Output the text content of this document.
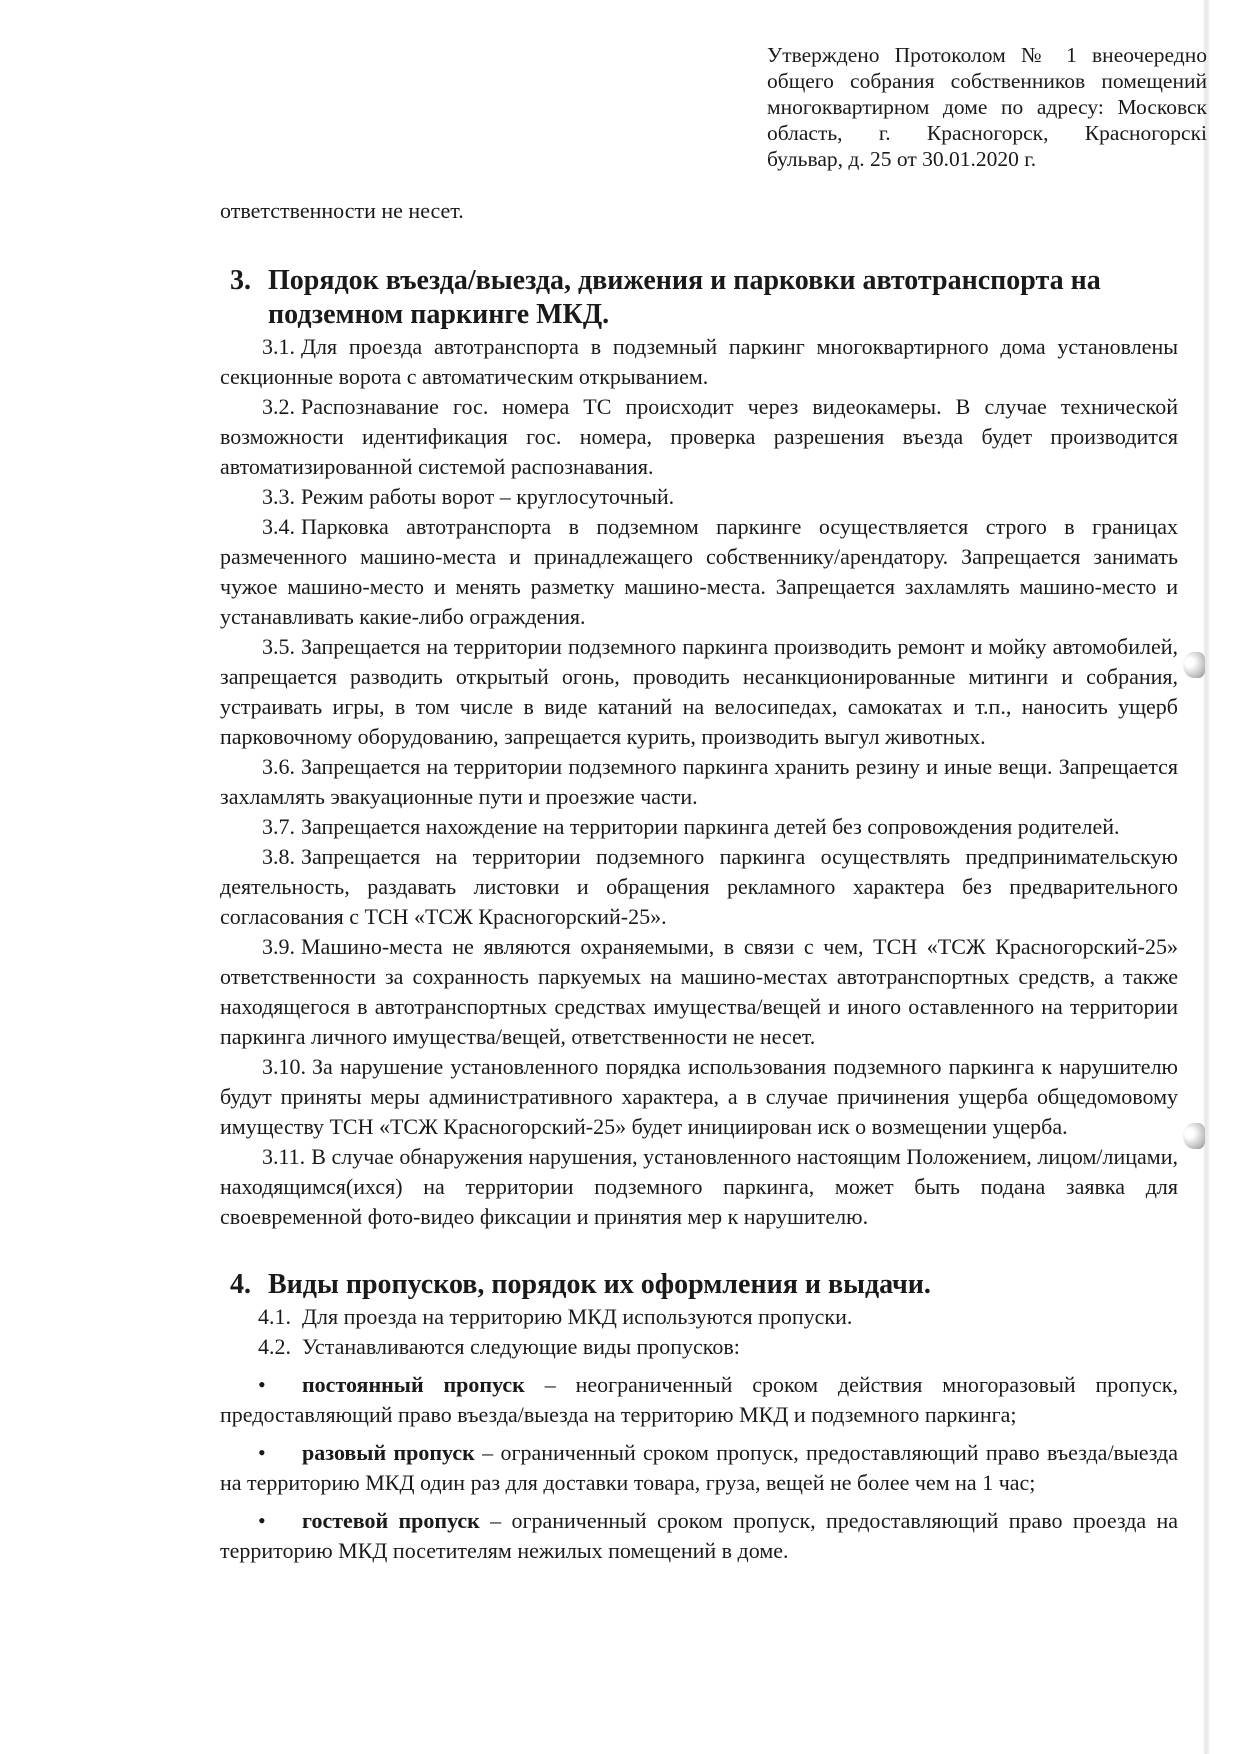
Утверждено Протоколом № 1 внеочередно
общего собрания собственников помещений
многоквартирном доме по адресу: Московск
область, г. Красногорск, Красногорскі
бульвар, д. 25 от 30.01.2020 г.

ответственности не несет.

3. Порядок въезда/выезда, движения и парковки автотранспорта на подземном паркинге МКД.

3.1. Для проезда автотранспорта в подземный паркинг многоквартирного дома установлены секционные ворота с автоматическим открыванием.

3.2. Распознавание гос. номера ТС происходит через видеокамеры. В случае технической возможности идентификация гос. номера, проверка разрешения въезда будет производится автоматизированной системой распознавания.

3.3. Режим работы ворот – круглосуточный.

3.4. Парковка автотранспорта в подземном паркинге осуществляется строго в границах размеченного машино-места и принадлежащего собственнику/арендатору. Запрещается занимать чужое машино-место и менять разметку машино-места. Запрещается захламлять машино-место и устанавливать какие-либо ограждения.

3.5. Запрещается на территории подземного паркинга производить ремонт и мойку автомобилей, запрещается разводить открытый огонь, проводить несанкционированные митинги и собрания, устраивать игры, в том числе в виде катаний на велосипедах, самокатах и т.п., наносить ущерб парковочному оборудованию, запрещается курить, производить выгул животных.

3.6. Запрещается на территории подземного паркинга хранить резину и иные вещи. Запрещается захламлять эвакуационные пути и проезжие части.

3.7. Запрещается нахождение на территории паркинга детей без сопровождения родителей.

3.8. Запрещается на территории подземного паркинга осуществлять предпринимательскую деятельность, раздавать листовки и обращения рекламного характера без предварительного согласования с ТСН «ТСЖ Красногорский-25».

3.9. Машино-места не являются охраняемыми, в связи с чем, ТСН «ТСЖ Красногорский-25» ответственности за сохранность паркуемых на машино-местах автотранспортных средств, а также находящегося в автотранспортных средствах имущества/вещей и иного оставленного на территории паркинга личного имущества/вещей, ответственности не несет.

3.10. За нарушение установленного порядка использования подземного паркинга к нарушителю будут приняты меры административного характера, а в случае причинения ущерба общедомовому имуществу ТСН «ТСЖ Красногорский-25» будет инициирован иск о возмещении ущерба.

3.11. В случае обнаружения нарушения, установленного настоящим Положением, лицом/лицами, находящимся(ихся) на территории подземного паркинга, может быть подана заявка для своевременной фото-видео фиксации и принятия мер к нарушителю.

4. Виды пропусков, порядок их оформления и выдачи.

4.1. Для проезда на территорию МКД используются пропуски.

4.2. Устанавливаются следующие виды пропусков:

• постоянный пропуск – неограниченный сроком действия многоразовый пропуск, предоставляющий право въезда/выезда на территорию МКД и подземного паркинга;

• разовый пропуск – ограниченный сроком пропуск, предоставляющий право въезда/выезда на территорию МКД один раз для доставки товара, груза, вещей не более чем на 1 час;

• гостевой пропуск – ограниченный сроком пропуск, предоставляющий право проезда на территорию МКД посетителям нежилых помещений в доме.
